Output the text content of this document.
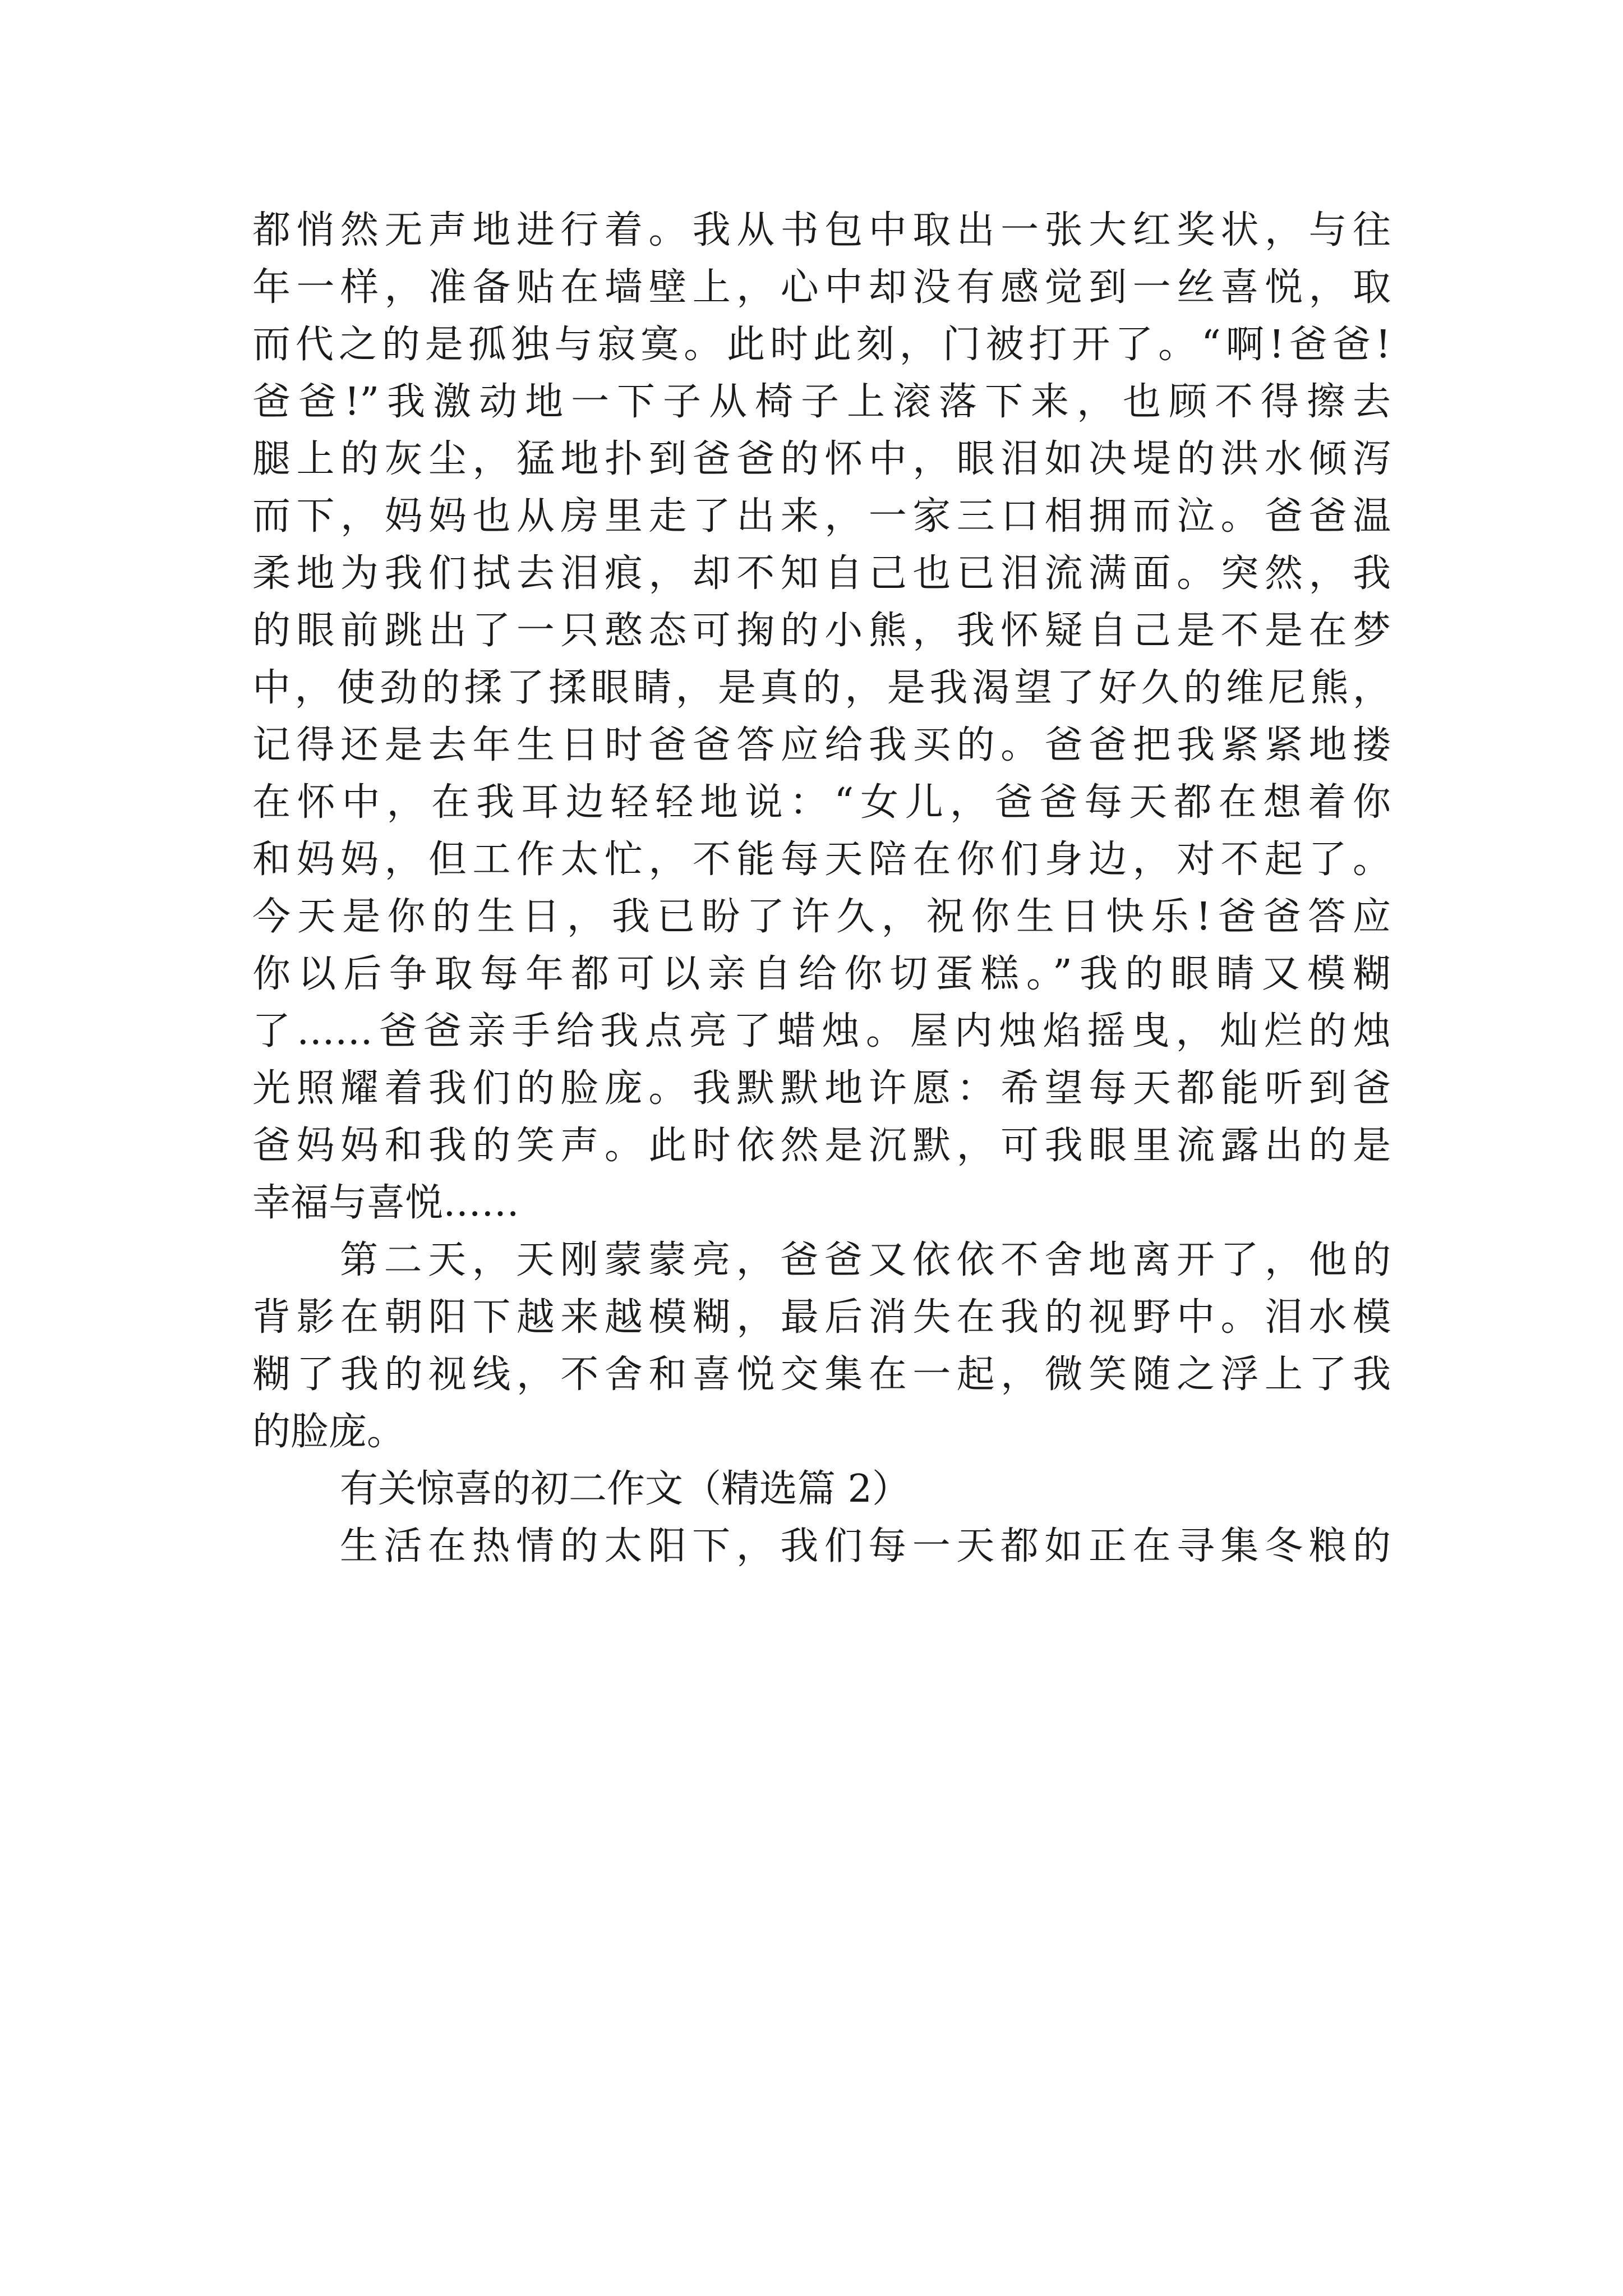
都悄然无声地进行着。我从书包中取出一张大红奖状，与往
年一样，准备贴在墙壁上，心中却没有感觉到一丝喜悦，取
而代之的是孤独与寂寞。此时此刻，门被打开了。“啊!爸爸!
爸爸!”我激动地一下子从椅子上滚落下来，也顾不得擦去
腿上的灰尘，猛地扑到爸爸的怀中，眼泪如决堤的洪水倾泻
而下，妈妈也从房里走了出来，一家三口相拥而泣。爸爸温
柔地为我们拭去泪痕，却不知自己也已泪流满面。突然，我
的眼前跳出了一只憨态可掬的小熊，我怀疑自己是不是在梦
中，使劲的揉了揉眼睛，是真的，是我渴望了好久的维尼熊，
记得还是去年生日时爸爸答应给我买的。爸爸把我紧紧地搂
在怀中，在我耳边轻轻地说：“女儿，爸爸每天都在想着你
和妈妈，但工作太忙，不能每天陪在你们身边，对不起了。
今天是你的生日，我已盼了许久，祝你生日快乐!爸爸答应
你以后争取每年都可以亲自给你切蛋糕。”我的眼睛又模糊
了……爸爸亲手给我点亮了蜡烛。屋内烛焰摇曳，灿烂的烛
光照耀着我们的脸庞。我默默地许愿：希望每天都能听到爸
爸妈妈和我的笑声。此时依然是沉默，可我眼里流露出的是
幸福与喜悦……
第二天，天刚蒙蒙亮，爸爸又依依不舍地离开了，他的
背影在朝阳下越来越模糊，最后消失在我的视野中。泪水模
糊了我的视线，不舍和喜悦交集在一起，微笑随之浮上了我
的脸庞。
有关惊喜的初二作文（精选篇 2）
生活在热情的太阳下，我们每一天都如正在寻集冬粮的
